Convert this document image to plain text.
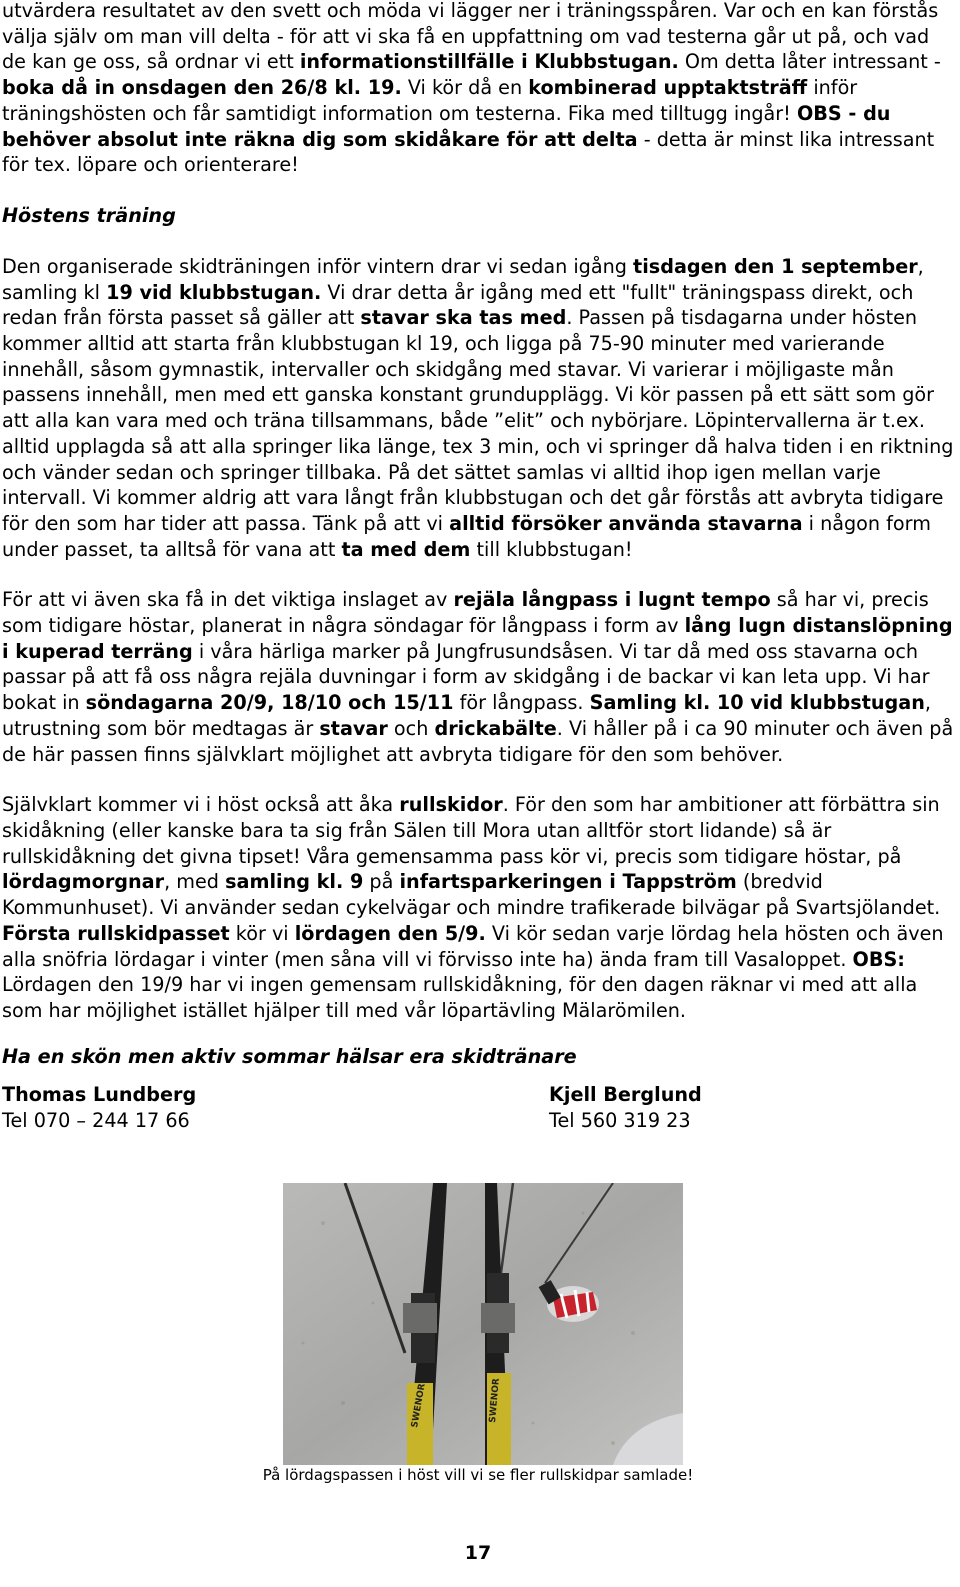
utvärdera resultatet av den svett och möda vi lägger ner i träningsspåren. Var och en kan förstås välja själv om man vill delta - för att vi ska få en uppfattning om vad testerna går ut på, och vad de kan ge oss, så ordnar vi ett informationstillfälle i Klubbstugan. Om detta låter intressant - boka då in onsdagen den 26/8 kl. 19. Vi kör då en kombinerad upptaktsträff inför träningshösten och får samtidigt information om testerna. Fika med tilltugg ingår! OBS - du behöver absolut inte räkna dig som skidåkare för att delta - detta är minst lika intressant för tex. löpare och orienterare!

Höstens träning

Den organiserade skidträningen inför vintern drar vi sedan igång tisdagen den 1 september, samling kl 19 vid klubbstugan. Vi drar detta år igång med ett "fullt" träningspass direkt, och redan från första passet så gäller att stavar ska tas med. Passen på tisdagarna under hösten kommer alltid att starta från klubbstugan kl 19, och ligga på 75-90 minuter med varierande innehåll, såsom gymnastik, intervaller och skidgång med stavar. Vi varierar i möjligaste mån passens innehåll, men med ett ganska konstant grundupplägg. Vi kör passen på ett sätt som gör att alla kan vara med och träna tillsammans, både ”elit” och nybörjare. Löpintervallerna är t.ex. alltid upplagda så att alla springer lika länge, tex 3 min, och vi springer då halva tiden i en riktning och vänder sedan och springer tillbaka. På det sättet samlas vi alltid ihop igen mellan varje intervall. Vi kommer aldrig att vara långt från klubbstugan och det går förstås att avbryta tidigare för den som har tider att passa. Tänk på att vi alltid försöker använda stavarna i någon form under passet, ta alltså för vana att ta med dem till klubbstugan!

För att vi även ska få in det viktiga inslaget av rejäla långpass i lugnt tempo så har vi, precis som tidigare höstar, planerat in några söndagar för långpass i form av lång lugn distanslöpning i kuperad terräng i våra härliga marker på Jungfrusundsåsen. Vi tar då med oss stavarna och passar på att få oss några rejäla duvningar i form av skidgång i de backar vi kan leta upp. Vi har bokat in söndagarna 20/9, 18/10 och 15/11 för långpass. Samling kl. 10 vid klubbstugan, utrustning som bör medtagas är stavar och drickabälte. Vi håller på i ca 90 minuter och även på de här passen finns självklart möjlighet att avbryta tidigare för den som behöver.

Självklart kommer vi i höst också att åka rullskidor. För den som har ambitioner att förbättra sin skidåkning (eller kanske bara ta sig från Sälen till Mora utan alltför stort lidande) så är rullskidåkning det givna tipset! Våra gemensamma pass kör vi, precis som tidigare höstar, på lördagmorgnar, med samling kl. 9 på infartsparkeringen i Tappström (bredvid Kommunhuset). Vi använder sedan cykelvägar och mindre trafikerade bilvägar på Svartsjölandet. Första rullskidpasset kör vi lördagen den 5/9. Vi kör sedan varje lördag hela hösten och även alla snöfria lördagar i vinter (men såna vill vi förvisso inte ha) ända fram till Vasaloppet. OBS: Lördagen den 19/9 har vi ingen gemensam rullskidåkning, för den dagen räknar vi med att alla som har möjlighet istället hjälper till med vår löpartävling Mälarömilen.

Ha en skön men aktiv sommar hälsar era skidtränare

Thomas Lundberg	Kjell Berglund
Tel 070 – 244 17 66	Tel 560 319 23
SWENOR	SWENOR
På lördagspassen i höst vill vi se fler rullskidpar samlade!
17
